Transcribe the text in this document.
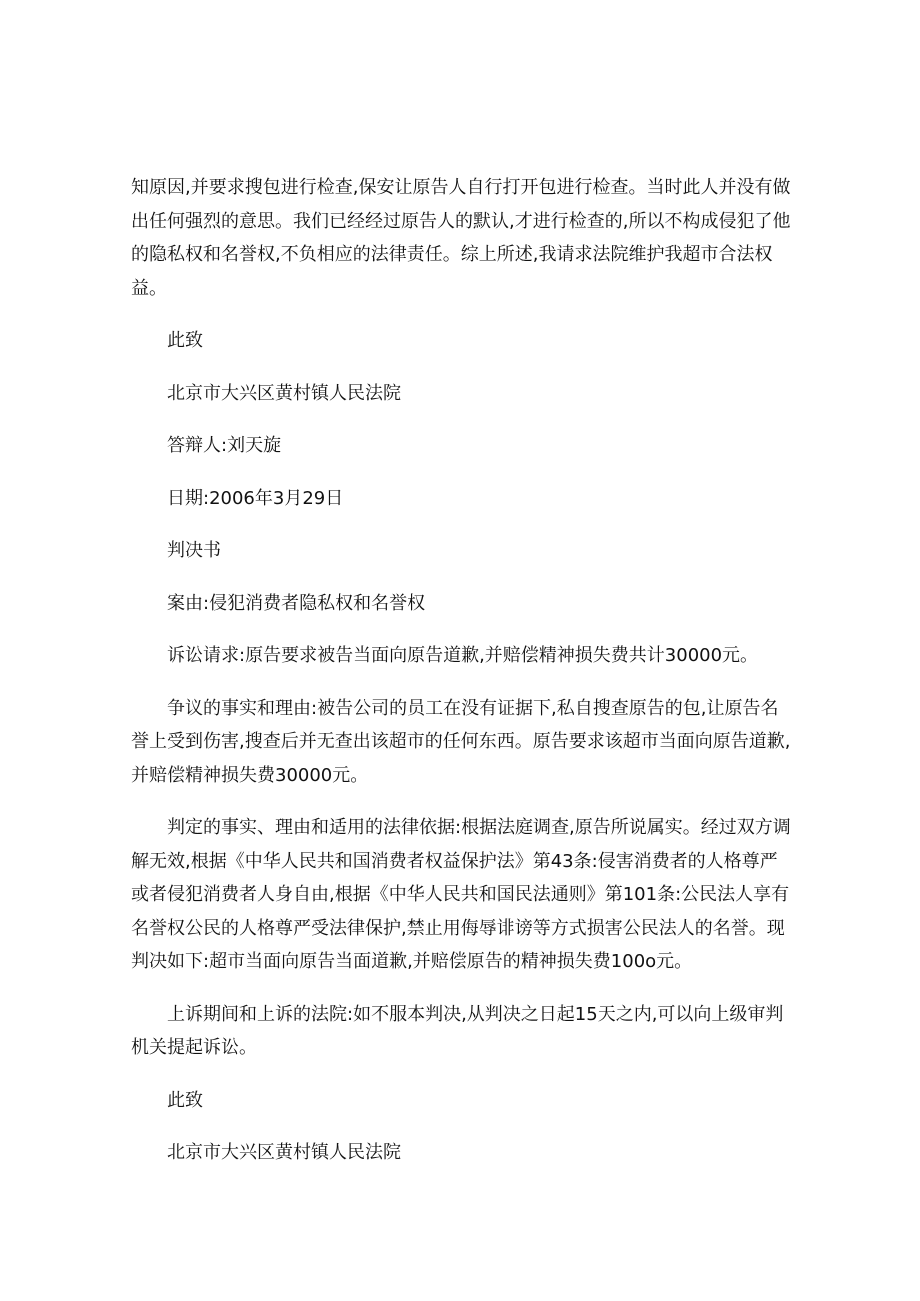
知原因,并要求搜包进行检查,保安让原告人自行打开包进行检查。当时此人并没有做出任何强烈的意思。我们已经经过原告人的默认,才进行检查的,所以不构成侵犯了他的隐私权和名誉权,不负相应的法律责任。综上所述,我请求法院维护我超市合法权益。

此致

北京市大兴区黄村镇人民法院

答辩人:刘天旋

日期:2006年3月29日

判决书

案由:侵犯消费者隐私权和名誉权

诉讼请求:原告要求被告当面向原告道歉,并赔偿精神损失费共计30000元。

争议的事实和理由:被告公司的员工在没有证据下,私自搜查原告的包,让原告名誉上受到伤害,搜查后并无查出该超市的任何东西。原告要求该超市当面向原告道歉,并赔偿精神损失费30000元。

判定的事实、理由和适用的法律依据:根据法庭调查,原告所说属实。经过双方调解无效,根据《中华人民共和国消费者权益保护法》第43条:侵害消费者的人格尊严或者侵犯消费者人身自由,根据《中华人民共和国民法通则》第101条:公民法人享有名誉权公民的人格尊严受法律保护,禁止用侮辱诽谤等方式损害公民法人的名誉。现判决如下:超市当面向原告当面道歉,并赔偿原告的精神损失费100o元。

上诉期间和上诉的法院:如不服本判决,从判决之日起15天之内,可以向上级审判机关提起诉讼。

此致

北京市大兴区黄村镇人民法院
